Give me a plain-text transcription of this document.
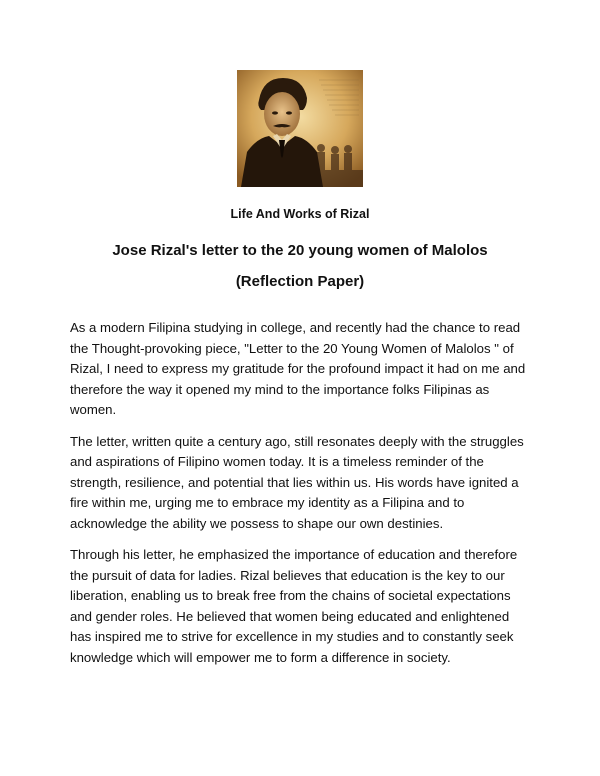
Life And Works of Rizal
Jose Rizal's letter to the 20 young women of Malolos
(Reflection Paper)

As a modern Filipina studying in college, and recently had the chance to read the Thought-provoking piece, "Letter to the 20 Young Women of Malolos " of Rizal, I need to express my gratitude for the profound impact it had on me and therefore the way it opened my mind to the importance folks Filipinas as women.

The letter, written quite a century ago, still resonates deeply with the struggles and aspirations of Filipino women today. It is a timeless reminder of the strength, resilience, and potential that lies within us. His words have ignited a fire within me, urging me to embrace my identity as a Filipina and to acknowledge the ability we possess to shape our own destinies.

Through his letter, he emphasized the importance of education and therefore the pursuit of data for ladies. Rizal believes that education is the key to our liberation, enabling us to break free from the chains of societal expectations and gender roles. He believed that women being educated and enlightened has inspired me to strive for excellence in my studies and to constantly seek knowledge which will empower me to form a difference in society.
